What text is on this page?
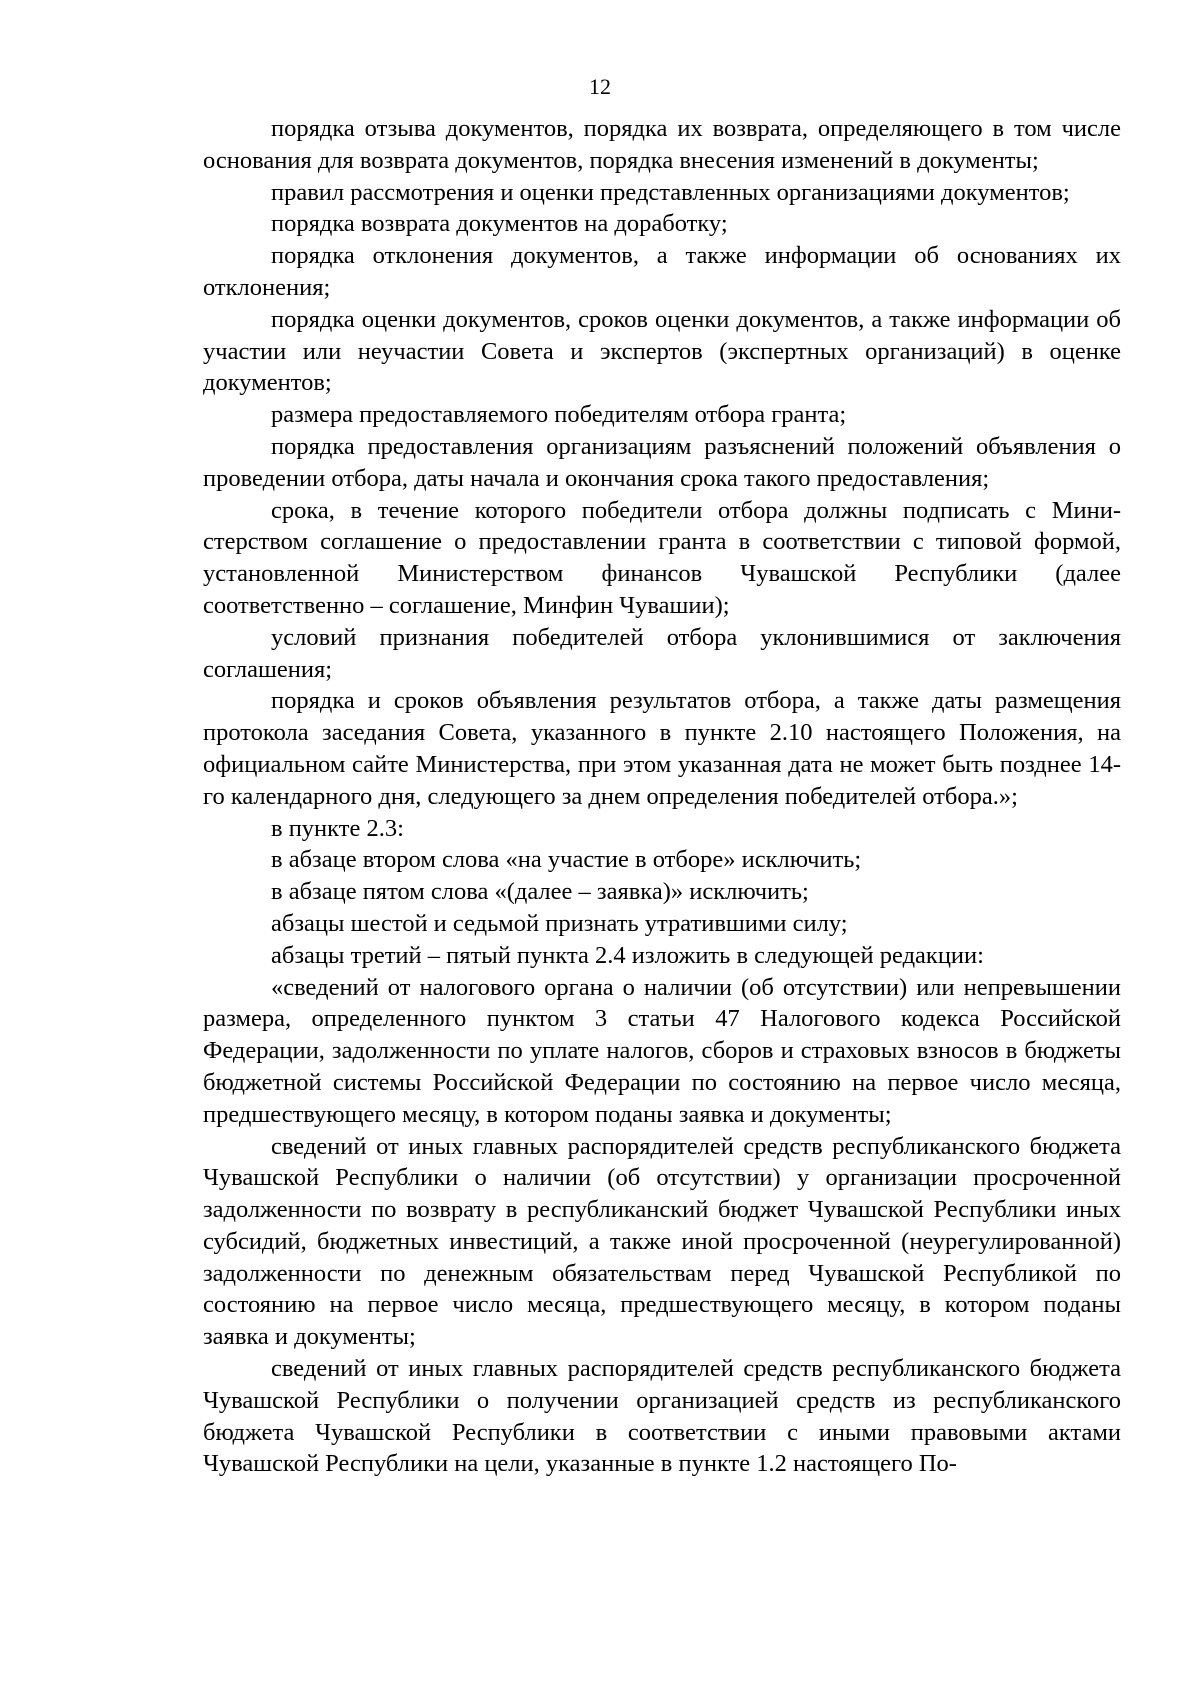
12

порядка отзыва документов, порядка их возврата, определяющего в том числе основания для возврата документов, порядка внесения изменений в документы;

правил рассмотрения и оценки представленных организациями документов;

порядка возврата документов на доработку;

порядка отклонения документов, а также информации об основаниях их отклонения;

порядка оценки документов, сроков оценки документов, а также информации об участии или неучастии Совета и экспертов (экспертных организаций) в оценке документов;

размера предоставляемого победителям отбора гранта;

порядка предоставления организациям разъяснений положений объявления о проведении отбора, даты начала и окончания срока такого предоставления;

срока, в течение которого победители отбора должны подписать с Министерством соглашение о предоставлении гранта в соответствии с типовой формой, установленной Министерством финансов Чувашской Республики (далее соответственно – соглашение, Минфин Чувашии);

условий признания победителей отбора уклонившимися от заключения соглашения;

порядка и сроков объявления результатов отбора, а также даты размещения протокола заседания Совета, указанного в пункте 2.10 настоящего Положения, на официальном сайте Министерства, при этом указанная дата не может быть позднее 14-го календарного дня, следующего за днем определения победителей отбора.»;

в пункте 2.3:

в абзаце втором слова «на участие в отборе» исключить;

в абзаце пятом слова «(далее – заявка)» исключить;

абзацы шестой и седьмой признать утратившими силу;

абзацы третий – пятый пункта 2.4 изложить в следующей редакции:

«сведений от налогового органа о наличии (об отсутствии) или непревышении размера, определенного пунктом 3 статьи 47 Налогового кодекса Российской Федерации, задолженности по уплате налогов, сборов и страховых взносов в бюджеты бюджетной системы Российской Федерации по состоянию на первое число месяца, предшествующего месяцу, в котором поданы заявка и документы;

сведений от иных главных распорядителей средств республиканского бюджета Чувашской Республики о наличии (об отсутствии) у организации просроченной задолженности по возврату в республиканский бюджет Чувашской Республики иных субсидий, бюджетных инвестиций, а также иной просроченной (неурегулированной) задолженности по денежным обязательствам перед Чувашской Республикой по состоянию на первое число месяца, предшествующего месяцу, в котором поданы заявка и документы;

сведений от иных главных распорядителей средств республиканского бюджета Чувашской Республики о получении организацией средств из республиканского бюджета Чувашской Республики в соответствии с иными правовыми актами Чувашской Республики на цели, указанные в пункте 1.2 настоящего По-
